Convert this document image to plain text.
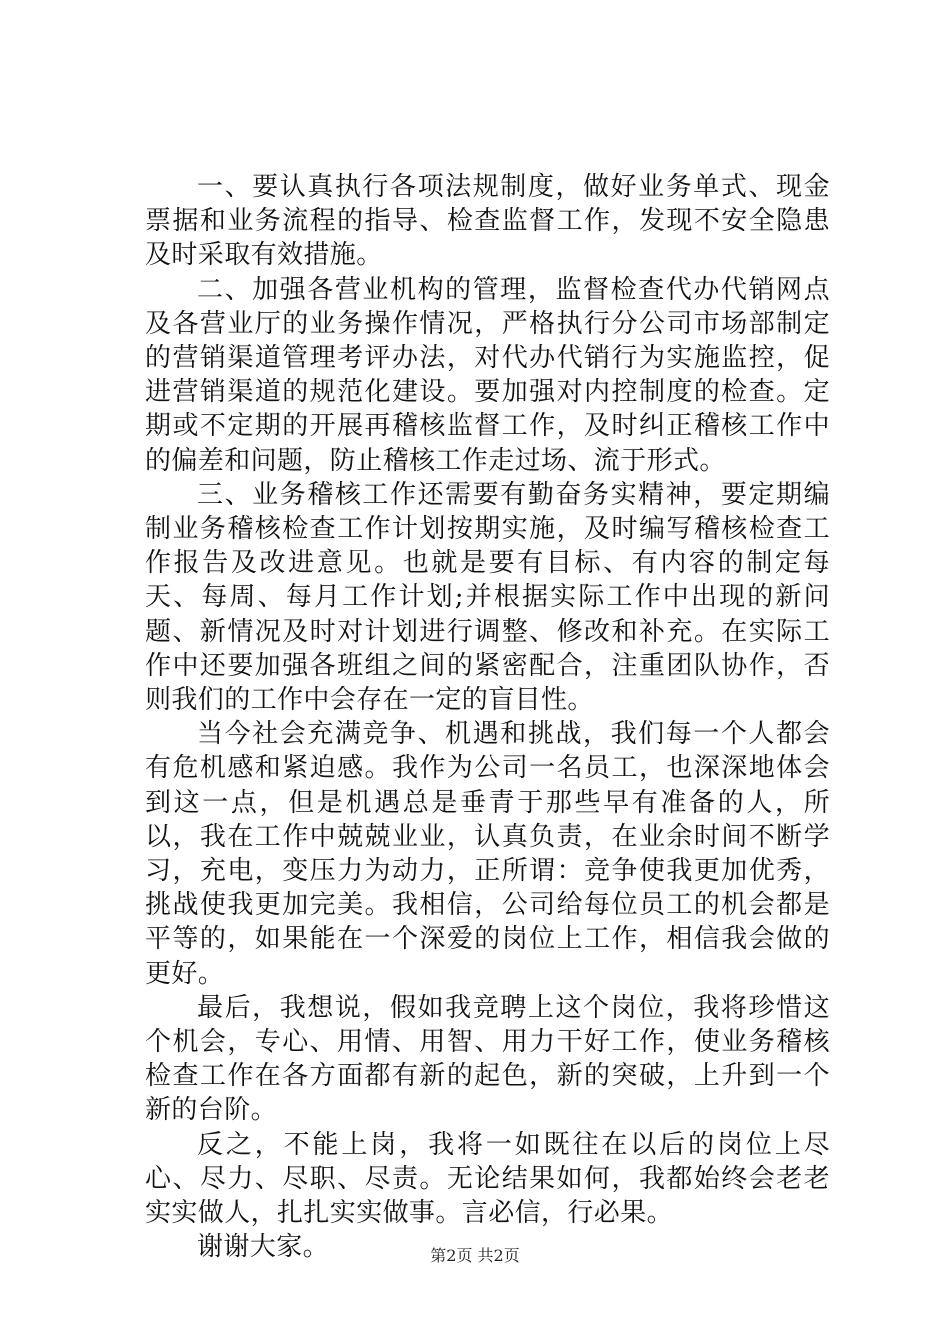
一、要认真执行各项法规制度，做好业务单式、现金票据和业务流程的指导、检查监督工作，发现不安全隐患及时采取有效措施。

二、加强各营业机构的管理，监督检查代办代销网点及各营业厅的业务操作情况，严格执行分公司市场部制定的营销渠道管理考评办法，对代办代销行为实施监控，促进营销渠道的规范化建设。要加强对内控制度的检查。定期或不定期的开展再稽核监督工作，及时纠正稽核工作中的偏差和问题，防止稽核工作走过场、流于形式。

三、业务稽核工作还需要有勤奋务实精神，要定期编制业务稽核检查工作计划按期实施，及时编写稽核检查工作报告及改进意见。也就是要有目标、有内容的制定每天、每周、每月工作计划;并根据实际工作中出现的新问题、新情况及时对计划进行调整、修改和补充。在实际工作中还要加强各班组之间的紧密配合，注重团队协作，否则我们的工作中会存在一定的盲目性。

当今社会充满竞争、机遇和挑战，我们每一个人都会有危机感和紧迫感。我作为公司一名员工，也深深地体会到这一点，但是机遇总是垂青于那些早有准备的人，所以，我在工作中兢兢业业，认真负责，在业余时间不断学习，充电，变压力为动力，正所谓：竞争使我更加优秀，挑战使我更加完美。我相信，公司给每位员工的机会都是平等的，如果能在一个深爱的岗位上工作，相信我会做的更好。

最后，我想说，假如我竞聘上这个岗位，我将珍惜这个机会，专心、用情、用智、用力干好工作，使业务稽核检查工作在各方面都有新的起色，新的突破，上升到一个新的台阶。

反之，不能上岗，我将一如既往在以后的岗位上尽心、尽力、尽职、尽责。无论结果如何，我都始终会老老实实做人，扎扎实实做事。言必信，行必果。

谢谢大家。	第2页 共2页
